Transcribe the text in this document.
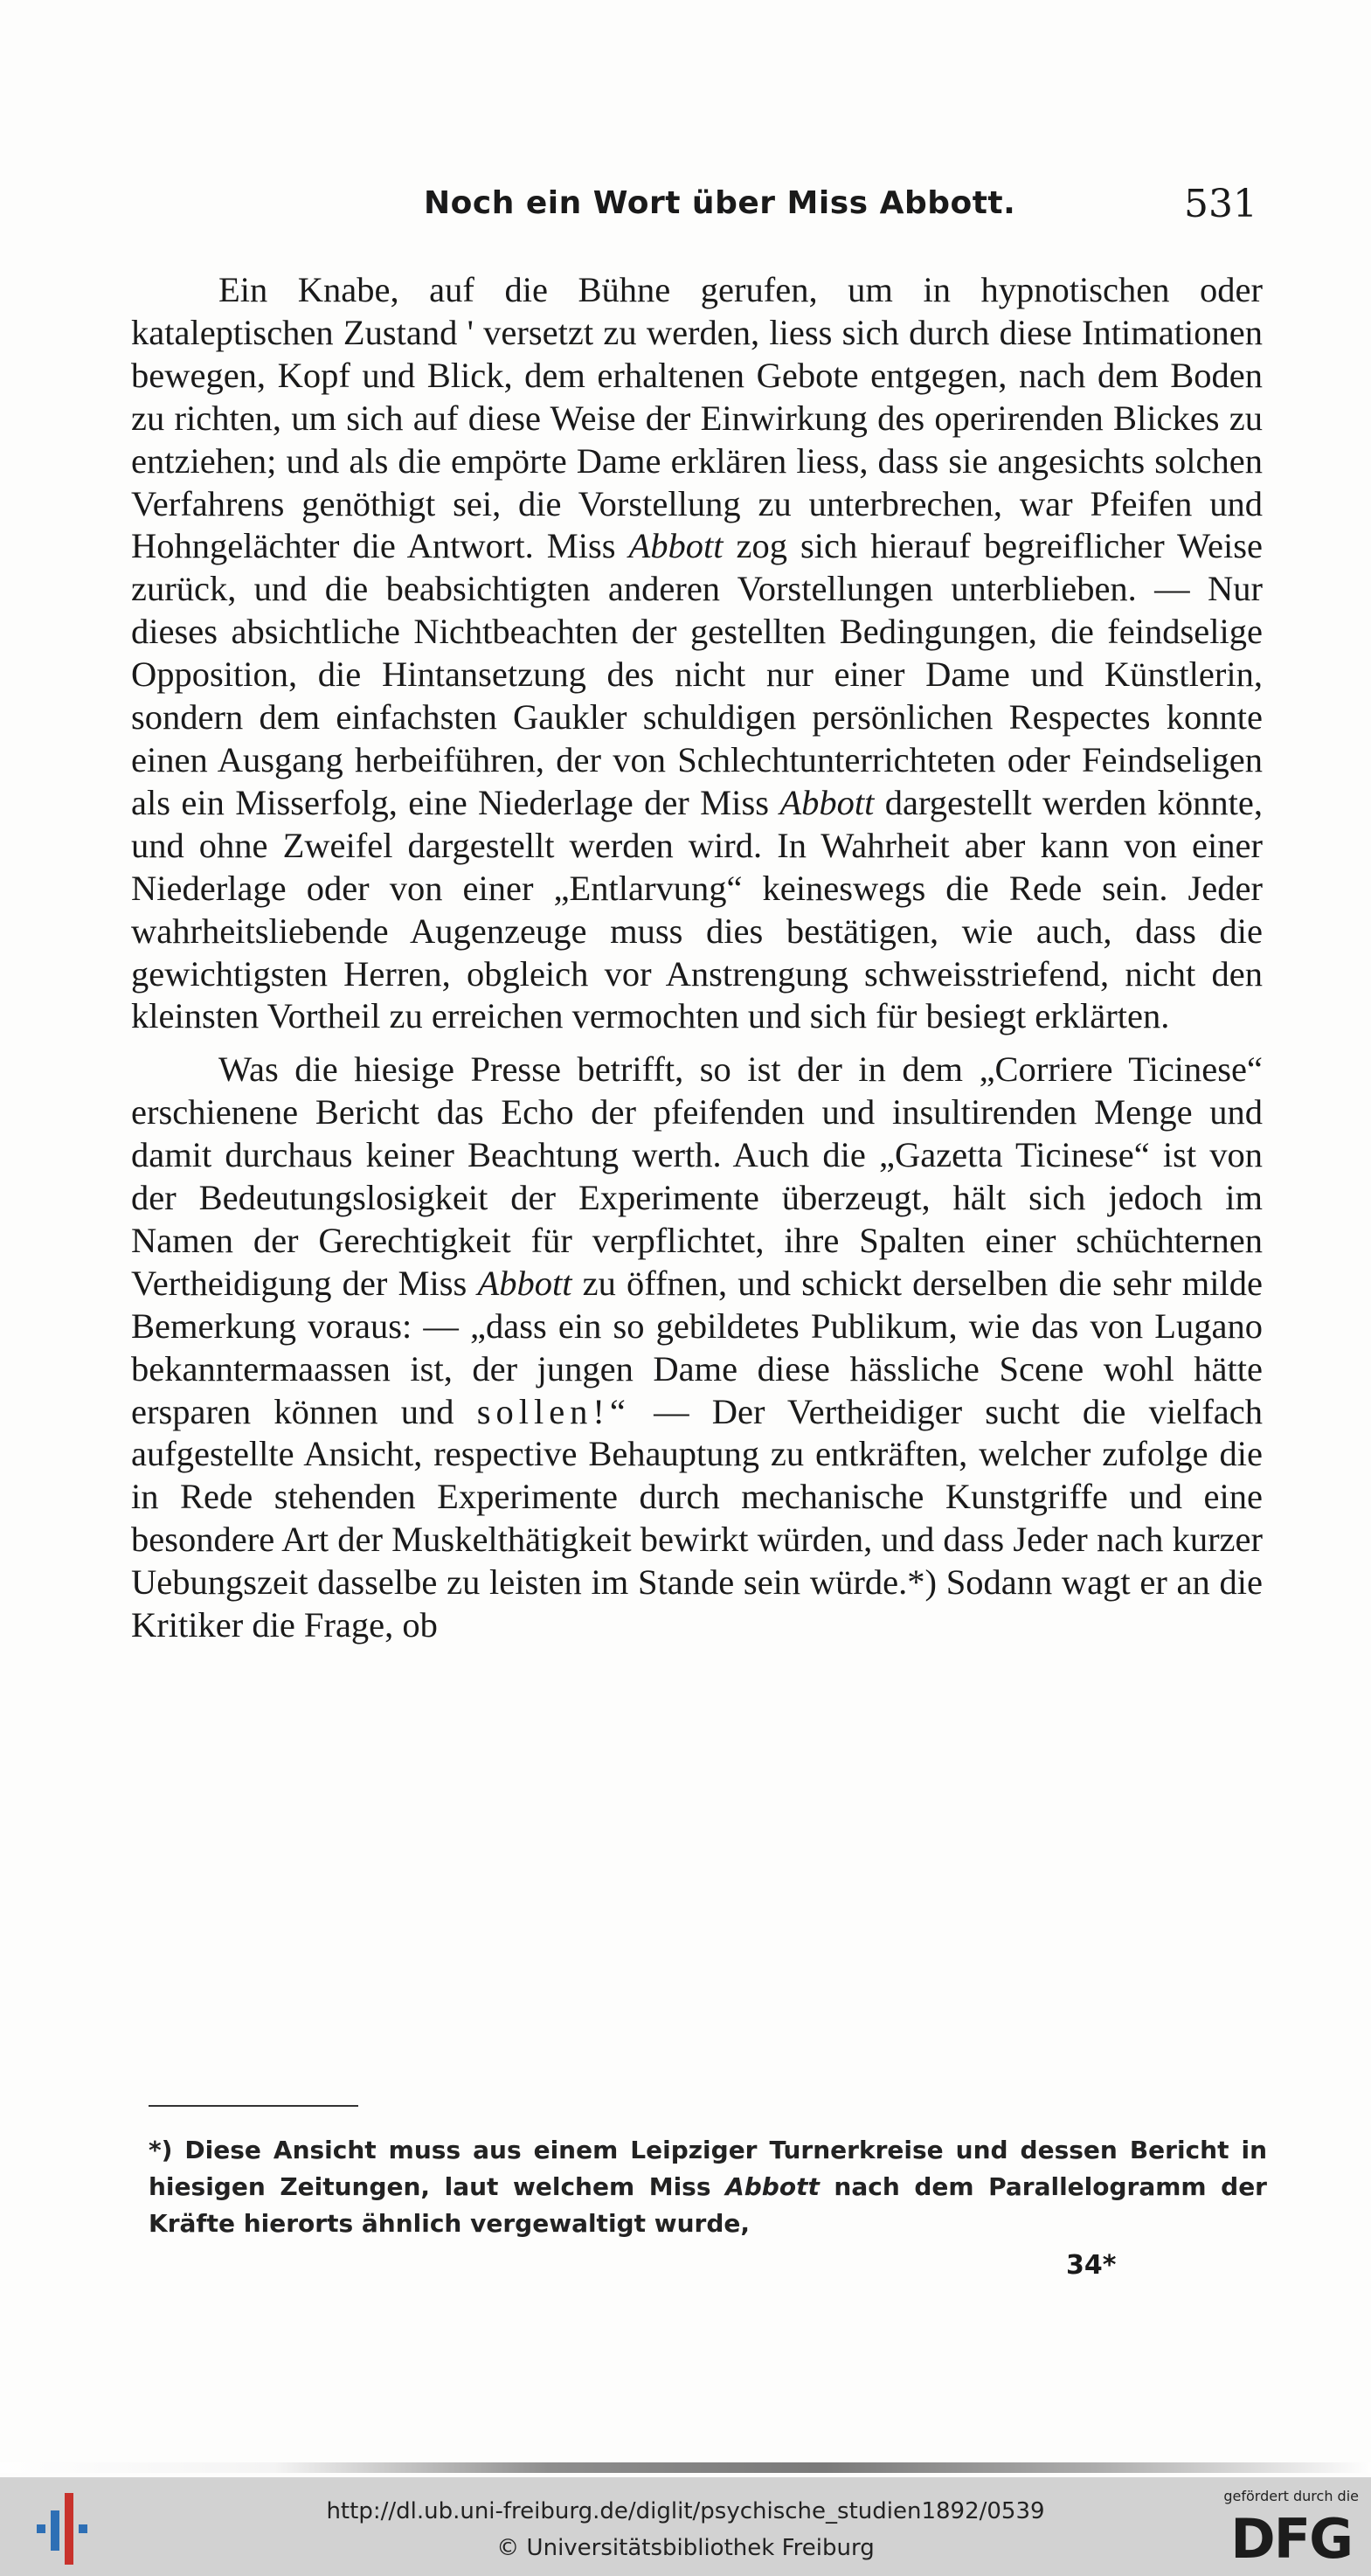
Noch ein Wort über Miss Abbott.	531

Ein Knabe, auf die Bühne gerufen, um in hypnotischen oder kataleptischen Zustand ' versetzt zu werden, liess sich durch diese Intimationen bewegen, Kopf und Blick, dem erhaltenen Gebote entgegen, nach dem Boden zu richten, um sich auf diese Weise der Einwirkung des operirenden Blickes zu entziehen; und als die empörte Dame erklären liess, dass sie angesichts solchen Verfahrens genöthigt sei, die Vorstellung zu unterbrechen, war Pfeifen und Hohngelächter die Antwort. Miss Abbott zog sich hierauf begreiflicher Weise zurück, und die beabsichtigten anderen Vorstellungen unterblieben. — Nur dieses absichtliche Nichtbeachten der gestellten Bedingungen, die feindselige Opposition, die Hintansetzung des nicht nur einer Dame und Künstlerin, sondern dem einfachsten Gaukler schuldigen persönlichen Respectes konnte einen Ausgang herbeiführen, der von Schlechtunterrichteten oder Feindseligen als ein Misserfolg, eine Niederlage der Miss Abbott dargestellt werden könnte, und ohne Zweifel dargestellt werden wird. In Wahrheit aber kann von einer Niederlage oder von einer „Entlarvung“ keineswegs die Rede sein. Jeder wahrheitsliebende Augenzeuge muss dies bestätigen, wie auch, dass die gewichtigsten Herren, obgleich vor Anstrengung schweisstriefend, nicht den kleinsten Vortheil zu erreichen vermochten und sich für besiegt erklärten.

Was die hiesige Presse betrifft, so ist der in dem „Corriere Ticinese“ erschienene Bericht das Echo der pfeifenden und insultirenden Menge und damit durchaus keiner Beachtung werth. Auch die „Gazetta Ticinese“ ist von der Bedeutungslosigkeit der Experimente überzeugt, hält sich jedoch im Namen der Gerechtigkeit für verpflichtet, ihre Spalten einer schüchternen Vertheidigung der Miss Abbott zu öffnen, und schickt derselben die sehr milde Bemerkung voraus: — „dass ein so gebildetes Publikum, wie das von Lugano bekanntermaassen ist, der jungen Dame diese hässliche Scene wohl hätte ersparen können und sollen!“ — Der Vertheidiger sucht die vielfach aufgestellte Ansicht, respective Behauptung zu entkräften, welcher zufolge die in Rede stehenden Experimente durch mechanische Kunstgriffe und eine besondere Art der Muskelthätigkeit bewirkt würden, und dass Jeder nach kurzer Uebungszeit dasselbe zu leisten im Stande sein würde.*) Sodann wagt er an die Kritiker die Frage, ob

*) Diese Ansicht muss aus einem Leipziger Turnerkreise und dessen Bericht in hiesigen Zeitungen, laut welchem Miss Abbott nach dem Parallelogramm der Kräfte hierorts ähnlich vergewaltigt wurde,
34*
http://dl.ub.uni-freiburg.de/diglit/psychische_studien1892/0539
© Universitätsbibliothek Freiburg
gefördert durch die
DFG
